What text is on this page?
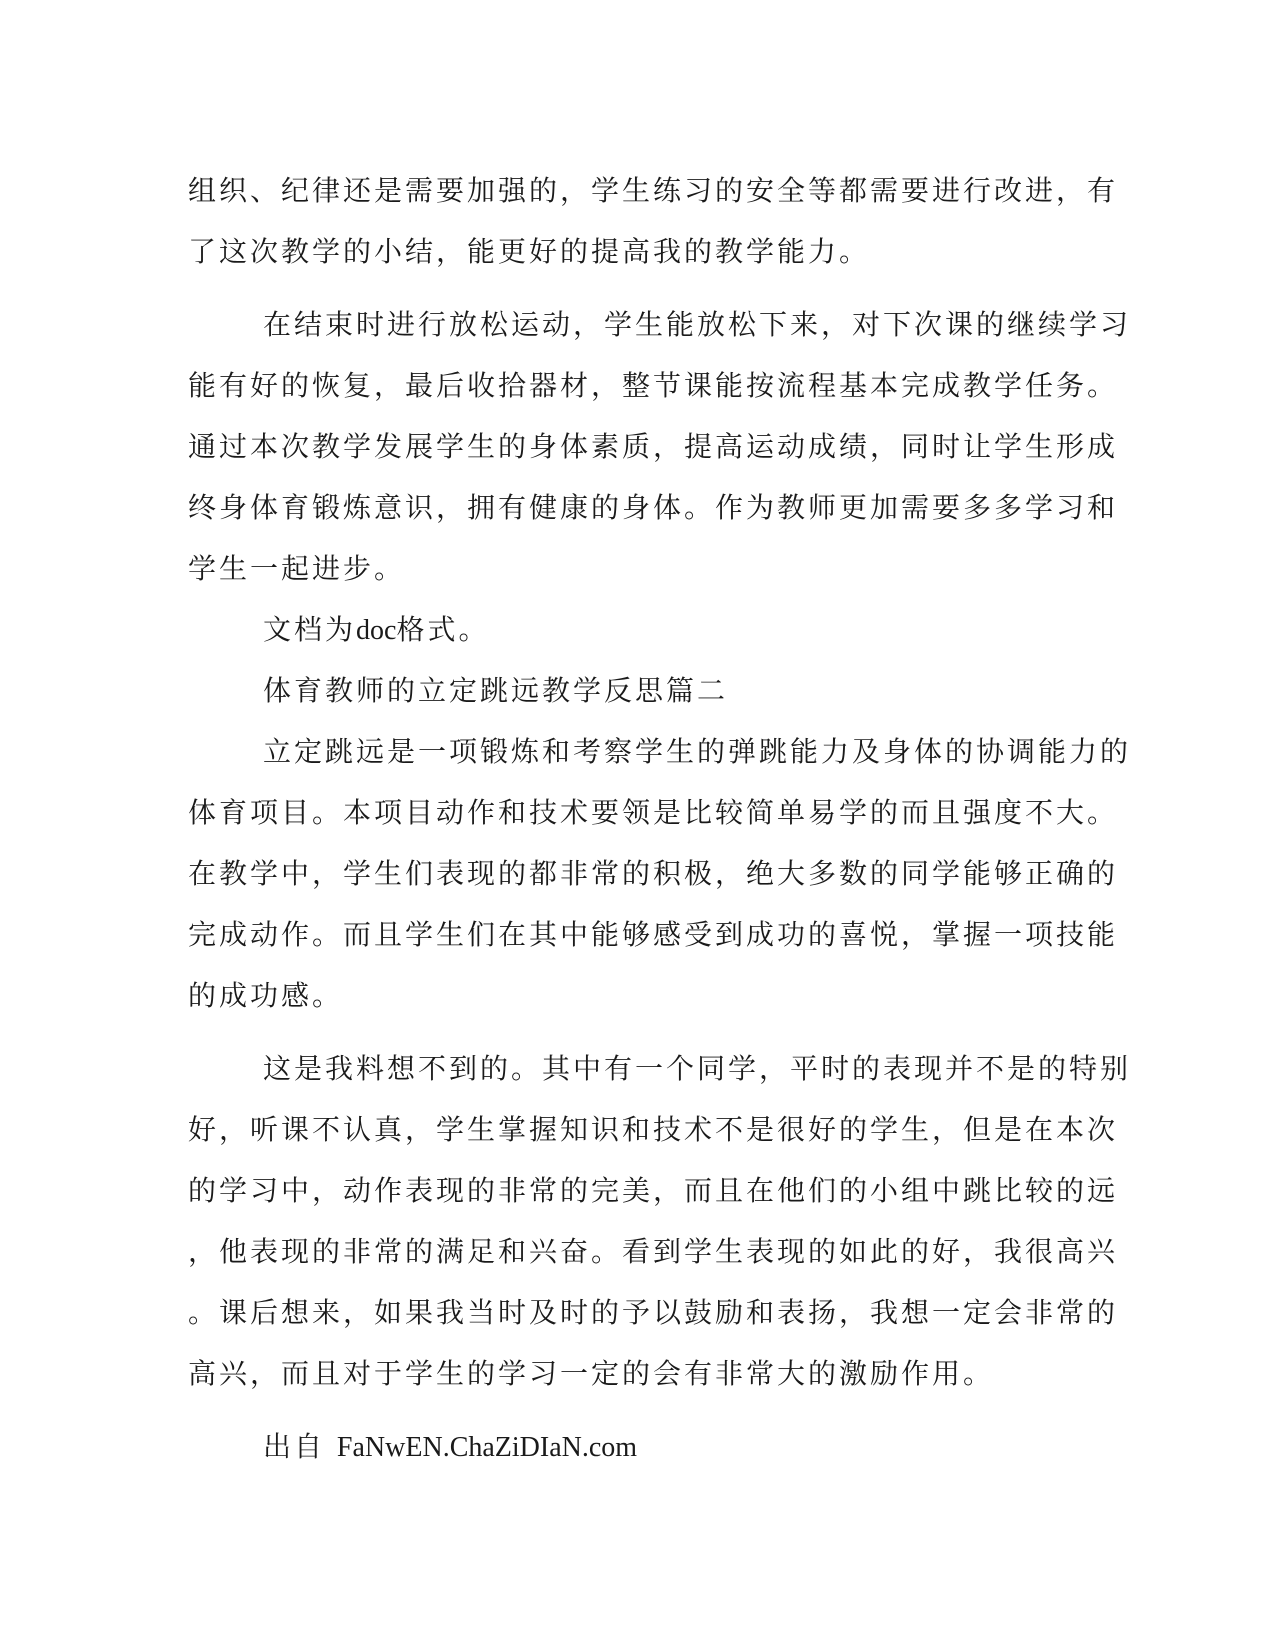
组织、纪律还是需要加强的，学生练习的安全等都需要进行改进，有
了这次教学的小结，能更好的提高我的教学能力。
在结束时进行放松运动，学生能放松下来，对下次课的继续学习
能有好的恢复，最后收拾器材，整节课能按流程基本完成教学任务。
通过本次教学发展学生的身体素质，提高运动成绩，同时让学生形成
终身体育锻炼意识，拥有健康的身体。作为教师更加需要多多学习和
学生一起进步。
文档为doc格式。
体育教师的立定跳远教学反思篇二
立定跳远是一项锻炼和考察学生的弹跳能力及身体的协调能力的
体育项目。本项目动作和技术要领是比较简单易学的而且强度不大。
在教学中，学生们表现的都非常的积极，绝大多数的同学能够正确的
完成动作。而且学生们在其中能够感受到成功的喜悦，掌握一项技能
的成功感。
这是我料想不到的。其中有一个同学，平时的表现并不是的特别
好，听课不认真，学生掌握知识和技术不是很好的学生，但是在本次
的学习中，动作表现的非常的完美，而且在他们的小组中跳比较的远
，他表现的非常的满足和兴奋。看到学生表现的如此的好，我很高兴
。课后想来，如果我当时及时的予以鼓励和表扬，我想一定会非常的
高兴，而且对于学生的学习一定的会有非常大的激励作用。
出自 FaNwEN.ChaZiDIaN.com
